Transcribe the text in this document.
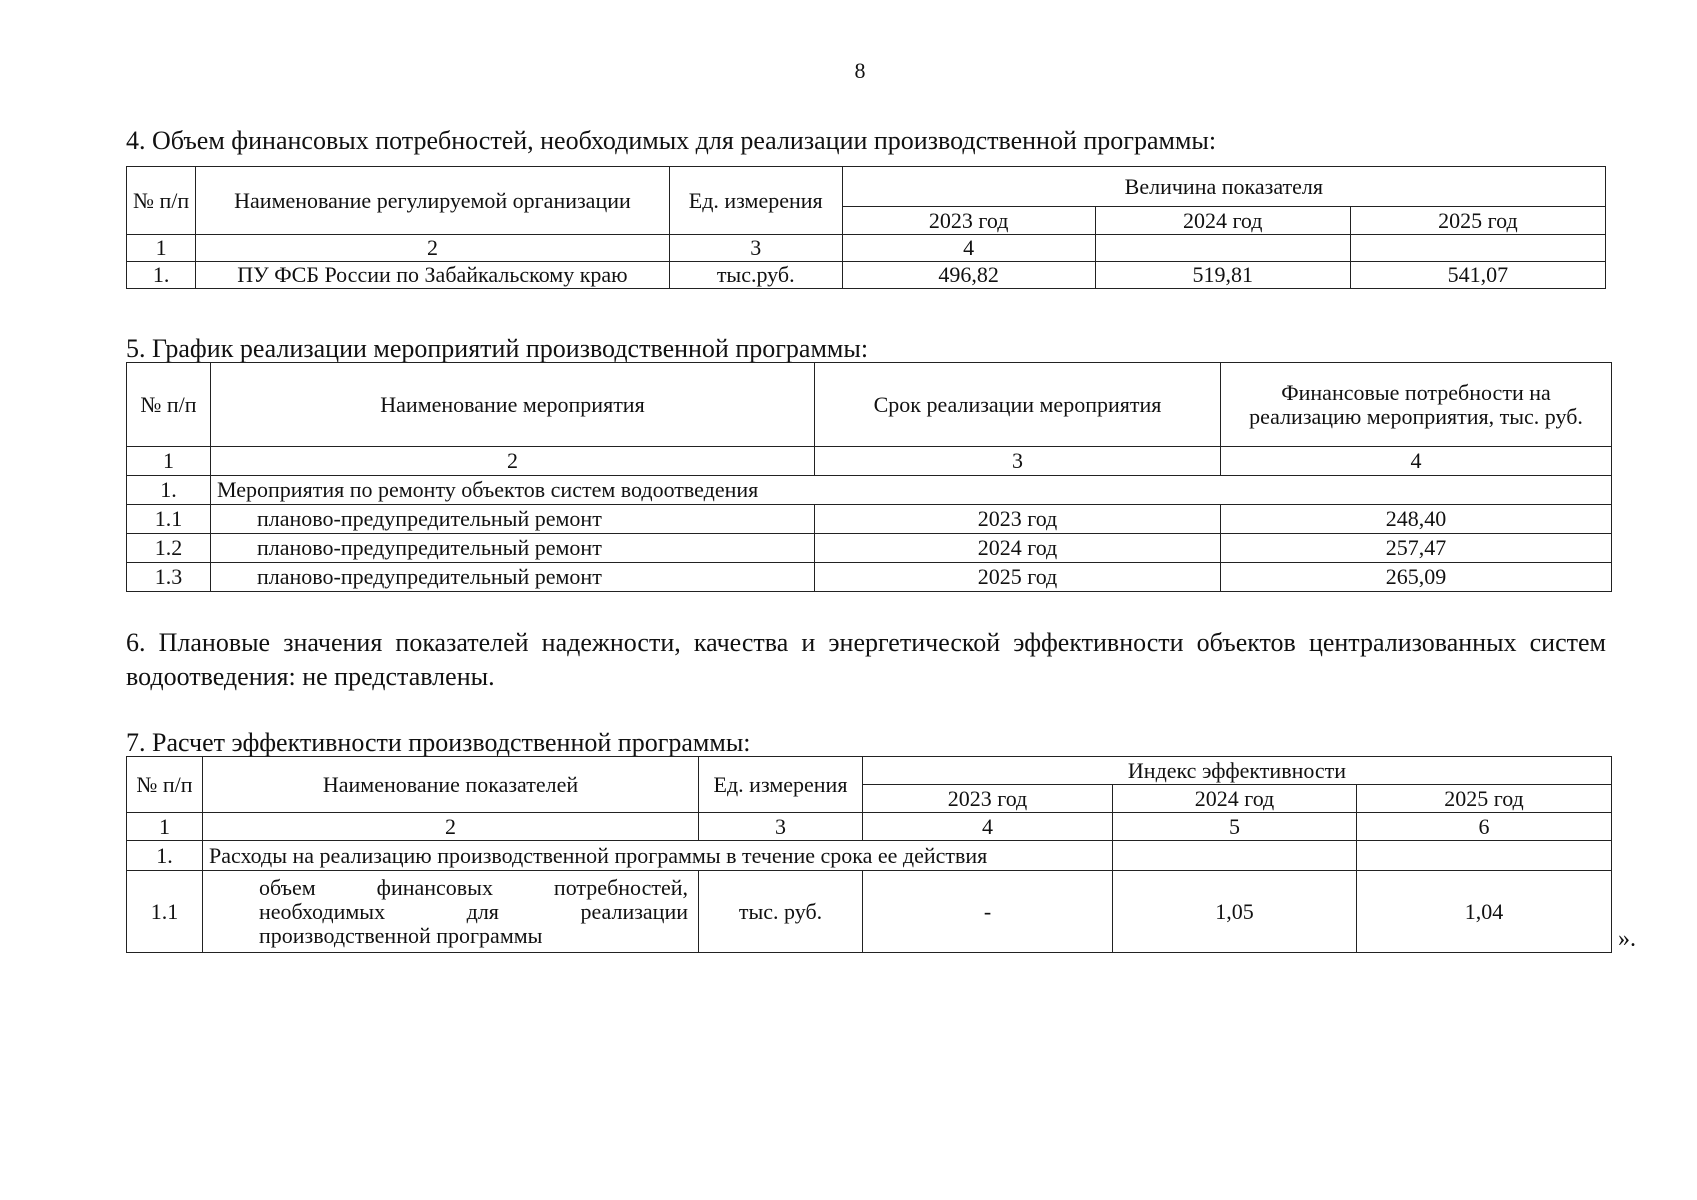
8
4. Объем финансовых потребностей, необходимых для реализации производственной программы:
№ п/п	Наименование регулируемой организации	Ед. измерения	Величина показателя		
			2023 год	2024 год	2025 год
1	2	3	4		
1.	ПУ ФСБ России по Забайкальскому краю	тыс.руб.	496,82	519,81	541,07
5. График реализации мероприятий производственной программы:
№ п/п	Наименование мероприятия	Срок реализации мероприятия	Финансовые потребности на реализацию мероприятия, тыс. руб.
1	2	3	4
1.	Мероприятия по ремонту объектов систем водоотведения		
1.1	планово-предупредительный ремонт	2023 год	248,40
1.2	планово-предупредительный ремонт	2024 год	257,47
1.3	планово-предупредительный ремонт	2025 год	265,09
6. Плановые значения показателей надежности, качества и энергетической эффективности объектов централизованных систем водоотведения: не представлены.
7. Расчет эффективности производственной программы:
№ п/п	Наименование показателей	Ед. измерения	Индекс эффективности		
			2023 год	2024 год	2025 год
1	2	3	4	5	6
1.	Расходы на реализацию производственной программы в течение срока ее действия				
1.1	объем финансовых потребностей,
необходимых для реализации
производственной программы	тыс. руб.	-	1,05	1,04
».
